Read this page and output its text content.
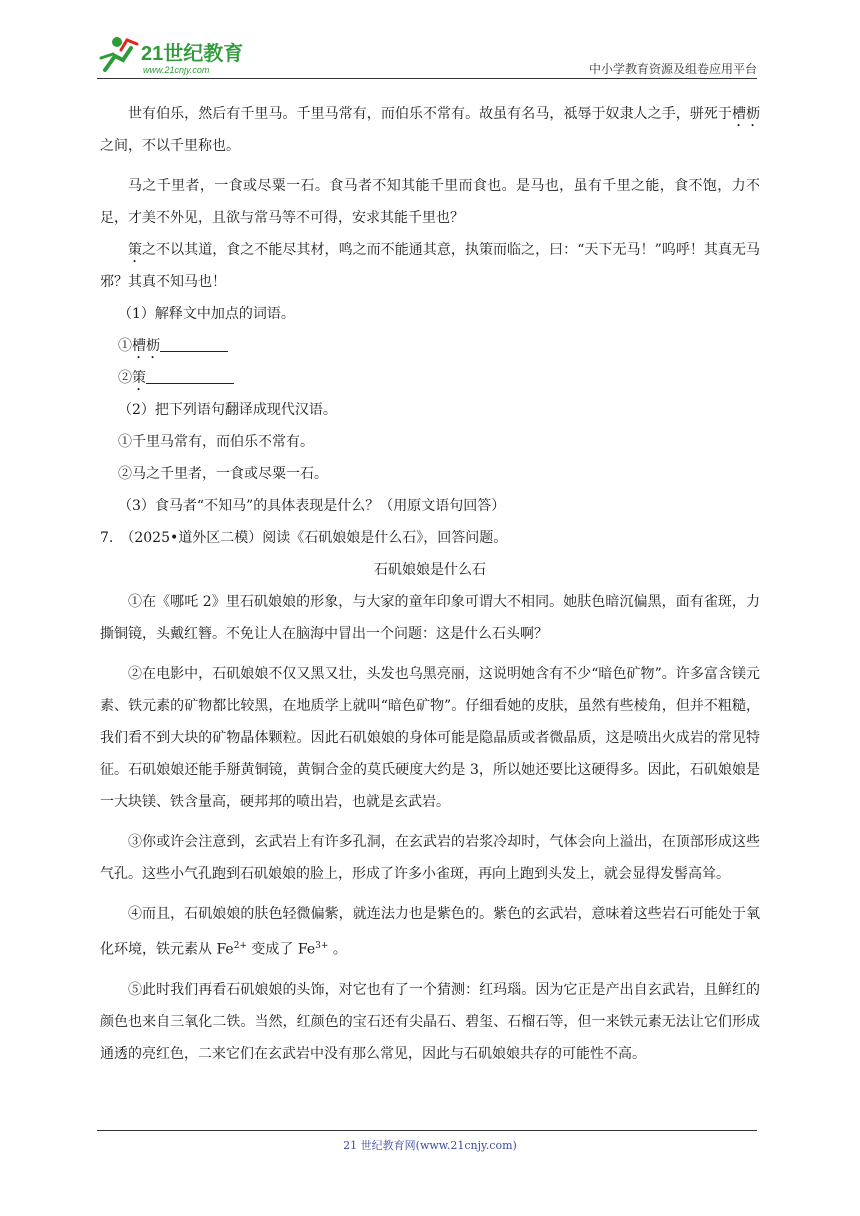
21世纪教育
www.21cnjy.com	中小学教育资源及组卷应用平台

世有伯乐，然后有千里马。千里马常有，而伯乐不常有。故虽有名马，祗辱于奴隶人之手，骈死于槽枥之间，不以千里称也。

马之千里者，一食或尽粟一石。食马者不知其能千里而食也。是马也，虽有千里之能，食不饱，力不足，才美不外见，且欲与常马等不可得，安求其能千里也？

策之不以其道，食之不能尽其材，鸣之而不能通其意，执策而临之，曰：“天下无马！”呜呼！其真无马邪？其真不知马也！

（1）解释文中加点的词语。

①槽枥

②策

（2）把下列语句翻译成现代汉语。

①千里马常有，而伯乐不常有。

②马之千里者，一食或尽粟一石。

（3）食马者“不知马”的具体表现是什么？（用原文语句回答）

7.　（2025•道外区二模）阅读《石矶娘娘是什么石》，回答问题。

石矶娘娘是什么石

①在《哪吒 2》里石矶娘娘的形象，与大家的童年印象可谓大不相同。她肤色暗沉偏黑，面有雀斑，力撕铜镜，头戴红簪。不免让人在脑海中冒出一个问题：这是什么石头啊？

②在电影中，石矶娘娘不仅又黑又壮，头发也乌黑亮丽，这说明她含有不少“暗色矿物”。许多富含镁元素、铁元素的矿物都比较黑，在地质学上就叫“暗色矿物”。仔细看她的皮肤，虽然有些棱角，但并不粗糙，我们看不到大块的矿物晶体颗粒。因此石矶娘娘的身体可能是隐晶质或者微晶质，这是喷出火成岩的常见特征。石矶娘娘还能手掰黄铜镜，黄铜合金的莫氏硬度大约是 3，所以她还要比这硬得多。因此，石矶娘娘是一大块镁、铁含量高，硬邦邦的喷出岩，也就是玄武岩。

③你或许会注意到，玄武岩上有许多孔洞，在玄武岩的岩浆冷却时，气体会向上溢出，在顶部形成这些气孔。这些小气孔跑到石矶娘娘的脸上，形成了许多小雀斑，再向上跑到头发上，就会显得发髻高耸。

④而且，石矶娘娘的肤色轻微偏紫，就连法力也是紫色的。紫色的玄武岩，意味着这些岩石可能处于氧化环境，铁元素从 $Fe^{2+}$ 变成了 $Fe^{3+}$ 。

⑤此时我们再看石矶娘娘的头饰，对它也有了一个猜测：红玛瑙。因为它正是产出自玄武岩，且鲜红的颜色也来自三氧化二铁。当然，红颜色的宝石还有尖晶石、碧玺、石榴石等，但一来铁元素无法让它们形成通透的亮红色，二来它们在玄武岩中没有那么常见，因此与石矶娘娘共存的可能性不高。

21 世纪教育网(www.21cnjy.com)
